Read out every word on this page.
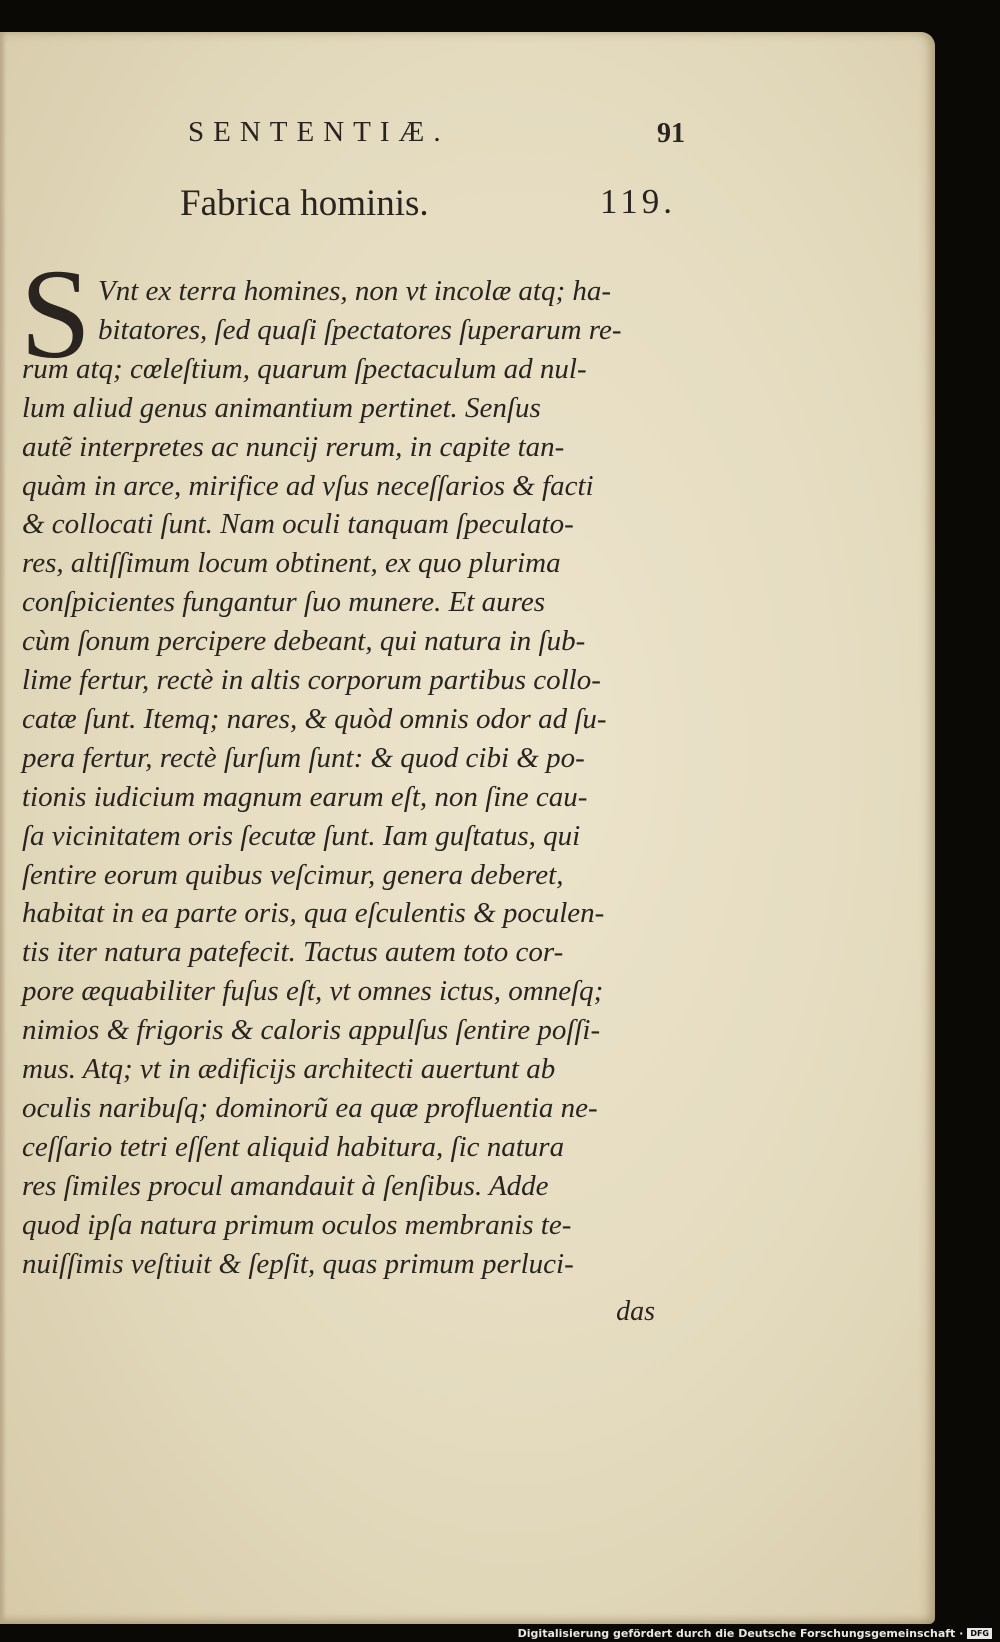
SENTENTIÆ.	91
Fabrica hominis.	119.
S Vnt ex terra homines, non vt incolæ atq; ha-

bitatores, ſed quaſi ſpectatores ſuperarum re-

rum atq; cœleſtium, quarum ſpectaculum ad nul-

lum aliud genus animantium pertinet. Senſus

autẽ interpretes ac nuncij rerum, in capite tan-

quàm in arce, mirifice ad vſus neceſſarios & facti

& collocati ſunt. Nam oculi tanquam ſpeculato-

res, altiſſimum locum obtinent, ex quo plurima

conſpicientes fungantur ſuo munere. Et aures

cùm ſonum percipere debeant, qui natura in ſub-

lime fertur, rectè in altis corporum partibus collo-

catæ ſunt. Itemq; nares, & quòd omnis odor ad ſu-

pera fertur, rectè ſurſum ſunt: & quod cibi & po-

tionis iudicium magnum earum eſt, non ſine cau-

ſa vicinitatem oris ſecutæ ſunt. Iam guſtatus, qui

ſentire eorum quibus veſcimur, genera deberet,

habitat in ea parte oris, qua eſculentis & poculen-

tis iter natura patefecit. Tactus autem toto cor-

pore æquabiliter fuſus eſt, vt omnes ictus, omneſq;

nimios & frigoris & caloris appulſus ſentire poſſi-

mus. Atq; vt in ædificijs architecti auertunt ab

oculis naribuſq; dominorũ ea quæ profluentia ne-

ceſſario tetri eſſent aliquid habitura, ſic natura

res ſimiles procul amandauit à ſenſibus. Adde

quod ipſa natura primum oculos membranis te-

nuiſſimis veſtiuit & ſepſit, quas primum perluci-

das
Digitalisierung gefördert durch die Deutsche Forschungsgemeinschaft · DFG
